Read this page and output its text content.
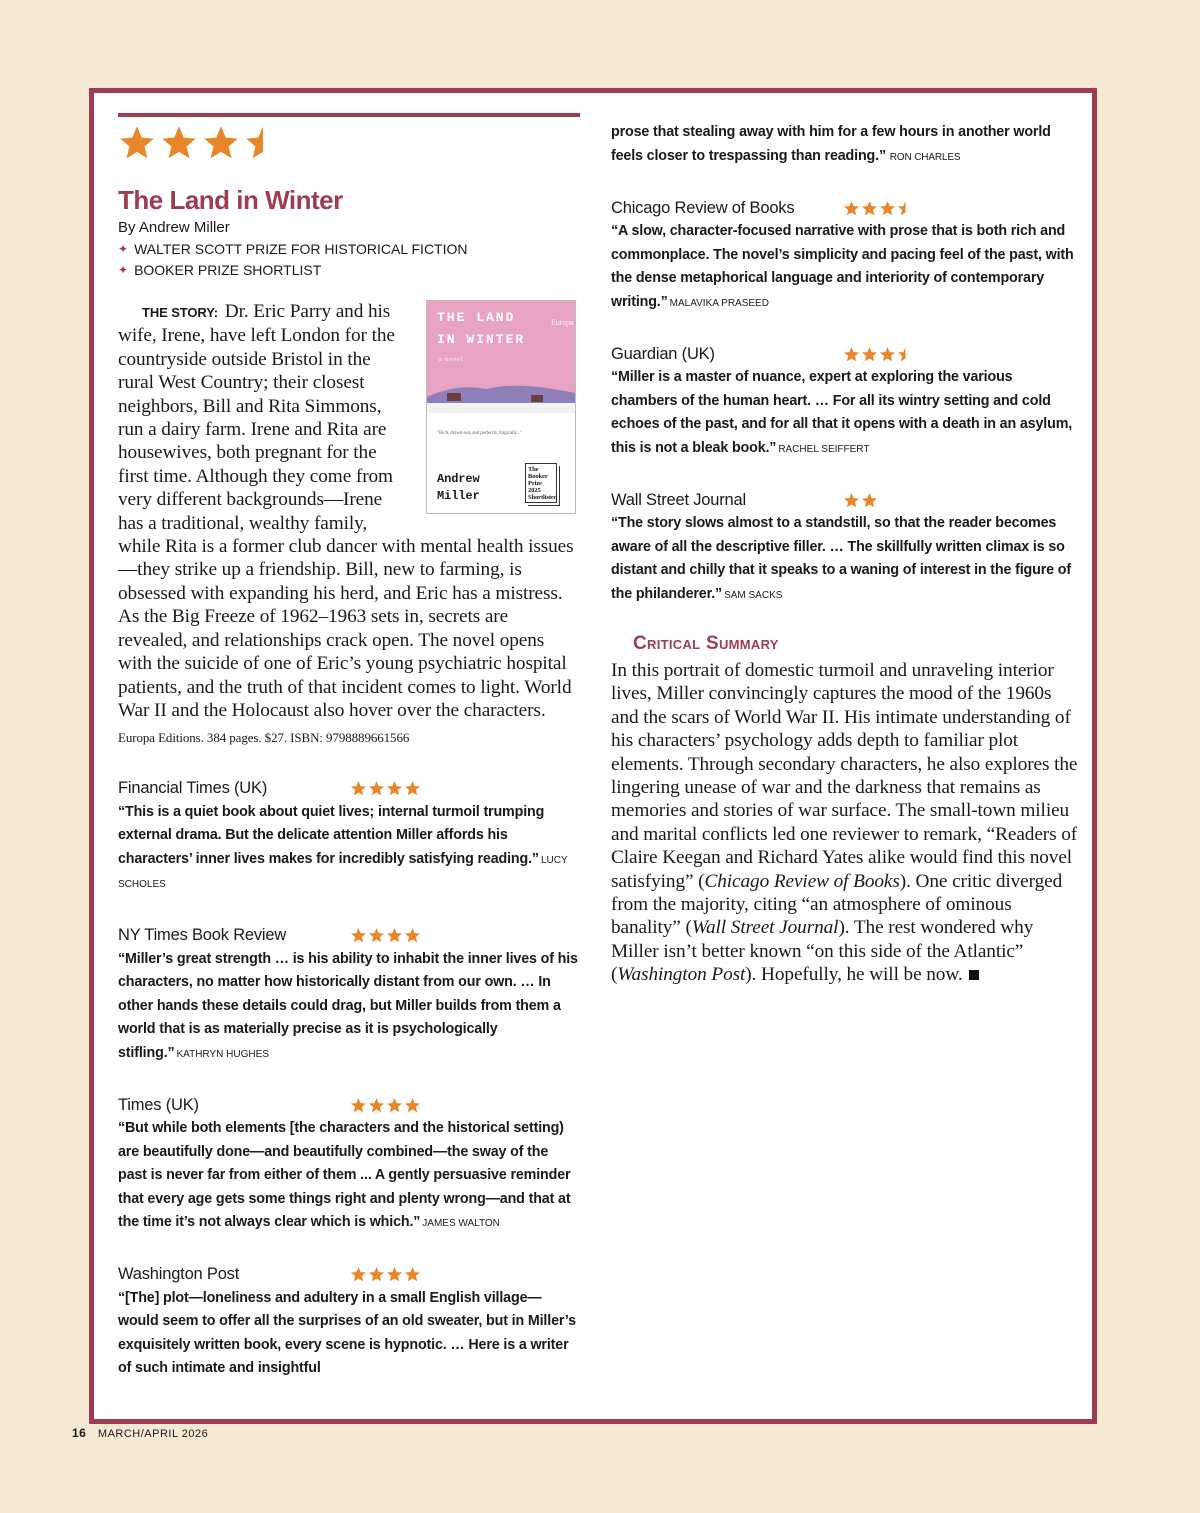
The Land in Winter
By Andrew Miller
✦ WALTER SCOTT PRIZE FOR HISTORICAL FICTION
✦ BOOKER PRIZE SHORTLIST
THE LAND
IN WINTER
a novel
Europa
"Rich, drawn‑out, and perfectly, tragically..."
Andrew
Miller
The Booker Prize 2025 Shortlisted
THE STORY: Dr. Eric Parry and his wife, Irene, have left London for the countryside outside Bristol in the rural West Country; their closest neighbors, Bill and Rita Simmons, run a dairy farm. Irene and Rita are housewives, both pregnant for the first time. Although they come from very different backgrounds—Irene has a traditional, wealthy family, while Rita is a former club dancer with mental health issues—they strike up a friendship. Bill, new to farming, is obsessed with expanding his herd, and Eric has a mistress. As the Big Freeze of 1962–1963 sets in, secrets are revealed, and relationships crack open. The novel opens with the suicide of one of Eric’s young psychiatric hospital patients, and the truth of that incident comes to light. World War II and the Holocaust also hover over the characters.
Europa Editions. 384 pages. $27. ISBN: 9798889661566
Financial Times (UK)
“This is a quiet book about quiet lives; internal turmoil trumping external drama. But the delicate attention Miller affords his characters’ inner lives makes for incredibly satisfying reading.” LUCY SCHOLES
NY Times Book Review
“Miller’s great strength … is his ability to inhabit the inner lives of his characters, no matter how historically distant from our own. … In other hands these details could drag, but Miller builds from them a world that is as materially precise as it is psychologically stifling.” KATHRYN HUGHES
Times (UK)
“But while both elements [the characters and the historical setting) are beautifully done—and beautifully combined—the sway of the past is never far from either of them ... A gently persuasive reminder that every age gets some things right and plenty wrong—and that at the time it’s not always clear which is which.” JAMES WALTON
Washington Post
“[The] plot—loneliness and adultery in a small English village—would seem to offer all the surprises of an old sweater, but in Miller’s exquisitely written book, every scene is hypnotic. … Here is a writer of such intimate and insightful
prose that stealing away with him for a few hours in another world feels closer to trespassing than reading.” RON CHARLES
Chicago Review of Books
“A slow, character-focused narrative with prose that is both rich and commonplace. The novel’s simplicity and pacing feel of the past, with the dense metaphorical language and interiority of contemporary writing.” MALAVIKA PRASEED
Guardian (UK)
“Miller is a master of nuance, expert at exploring the various chambers of the human heart. … For all its wintry setting and cold echoes of the past, and for all that it opens with a death in an asylum, this is not a bleak book.” RACHEL SEIFFERT
Wall Street Journal
“The story slows almost to a standstill, so that the reader becomes aware of all the descriptive filler. … The skillfully written climax is so distant and chilly that it speaks to a waning of interest in the figure of the philanderer.” SAM SACKS
Critical Summary
In this portrait of domestic turmoil and unraveling interior lives, Miller convincingly captures the mood of the 1960s and the scars of World War II. His intimate understanding of his characters’ psychology adds depth to familiar plot elements. Through secondary characters, he also explores the lingering unease of war and the darkness that remains as memories and stories of war surface. The small-town milieu and marital conflicts led one reviewer to remark, “Readers of Claire Keegan and Richard Yates alike would find this novel satisfying” (Chicago Review of Books). One critic diverged from the majority, citing “an atmosphere of ominous banality” (Wall Street Journal). The rest wondered why Miller isn’t better known “on this side of the Atlantic” (Washington Post). Hopefully, he will be now.
16 MARCH/APRIL 2026
